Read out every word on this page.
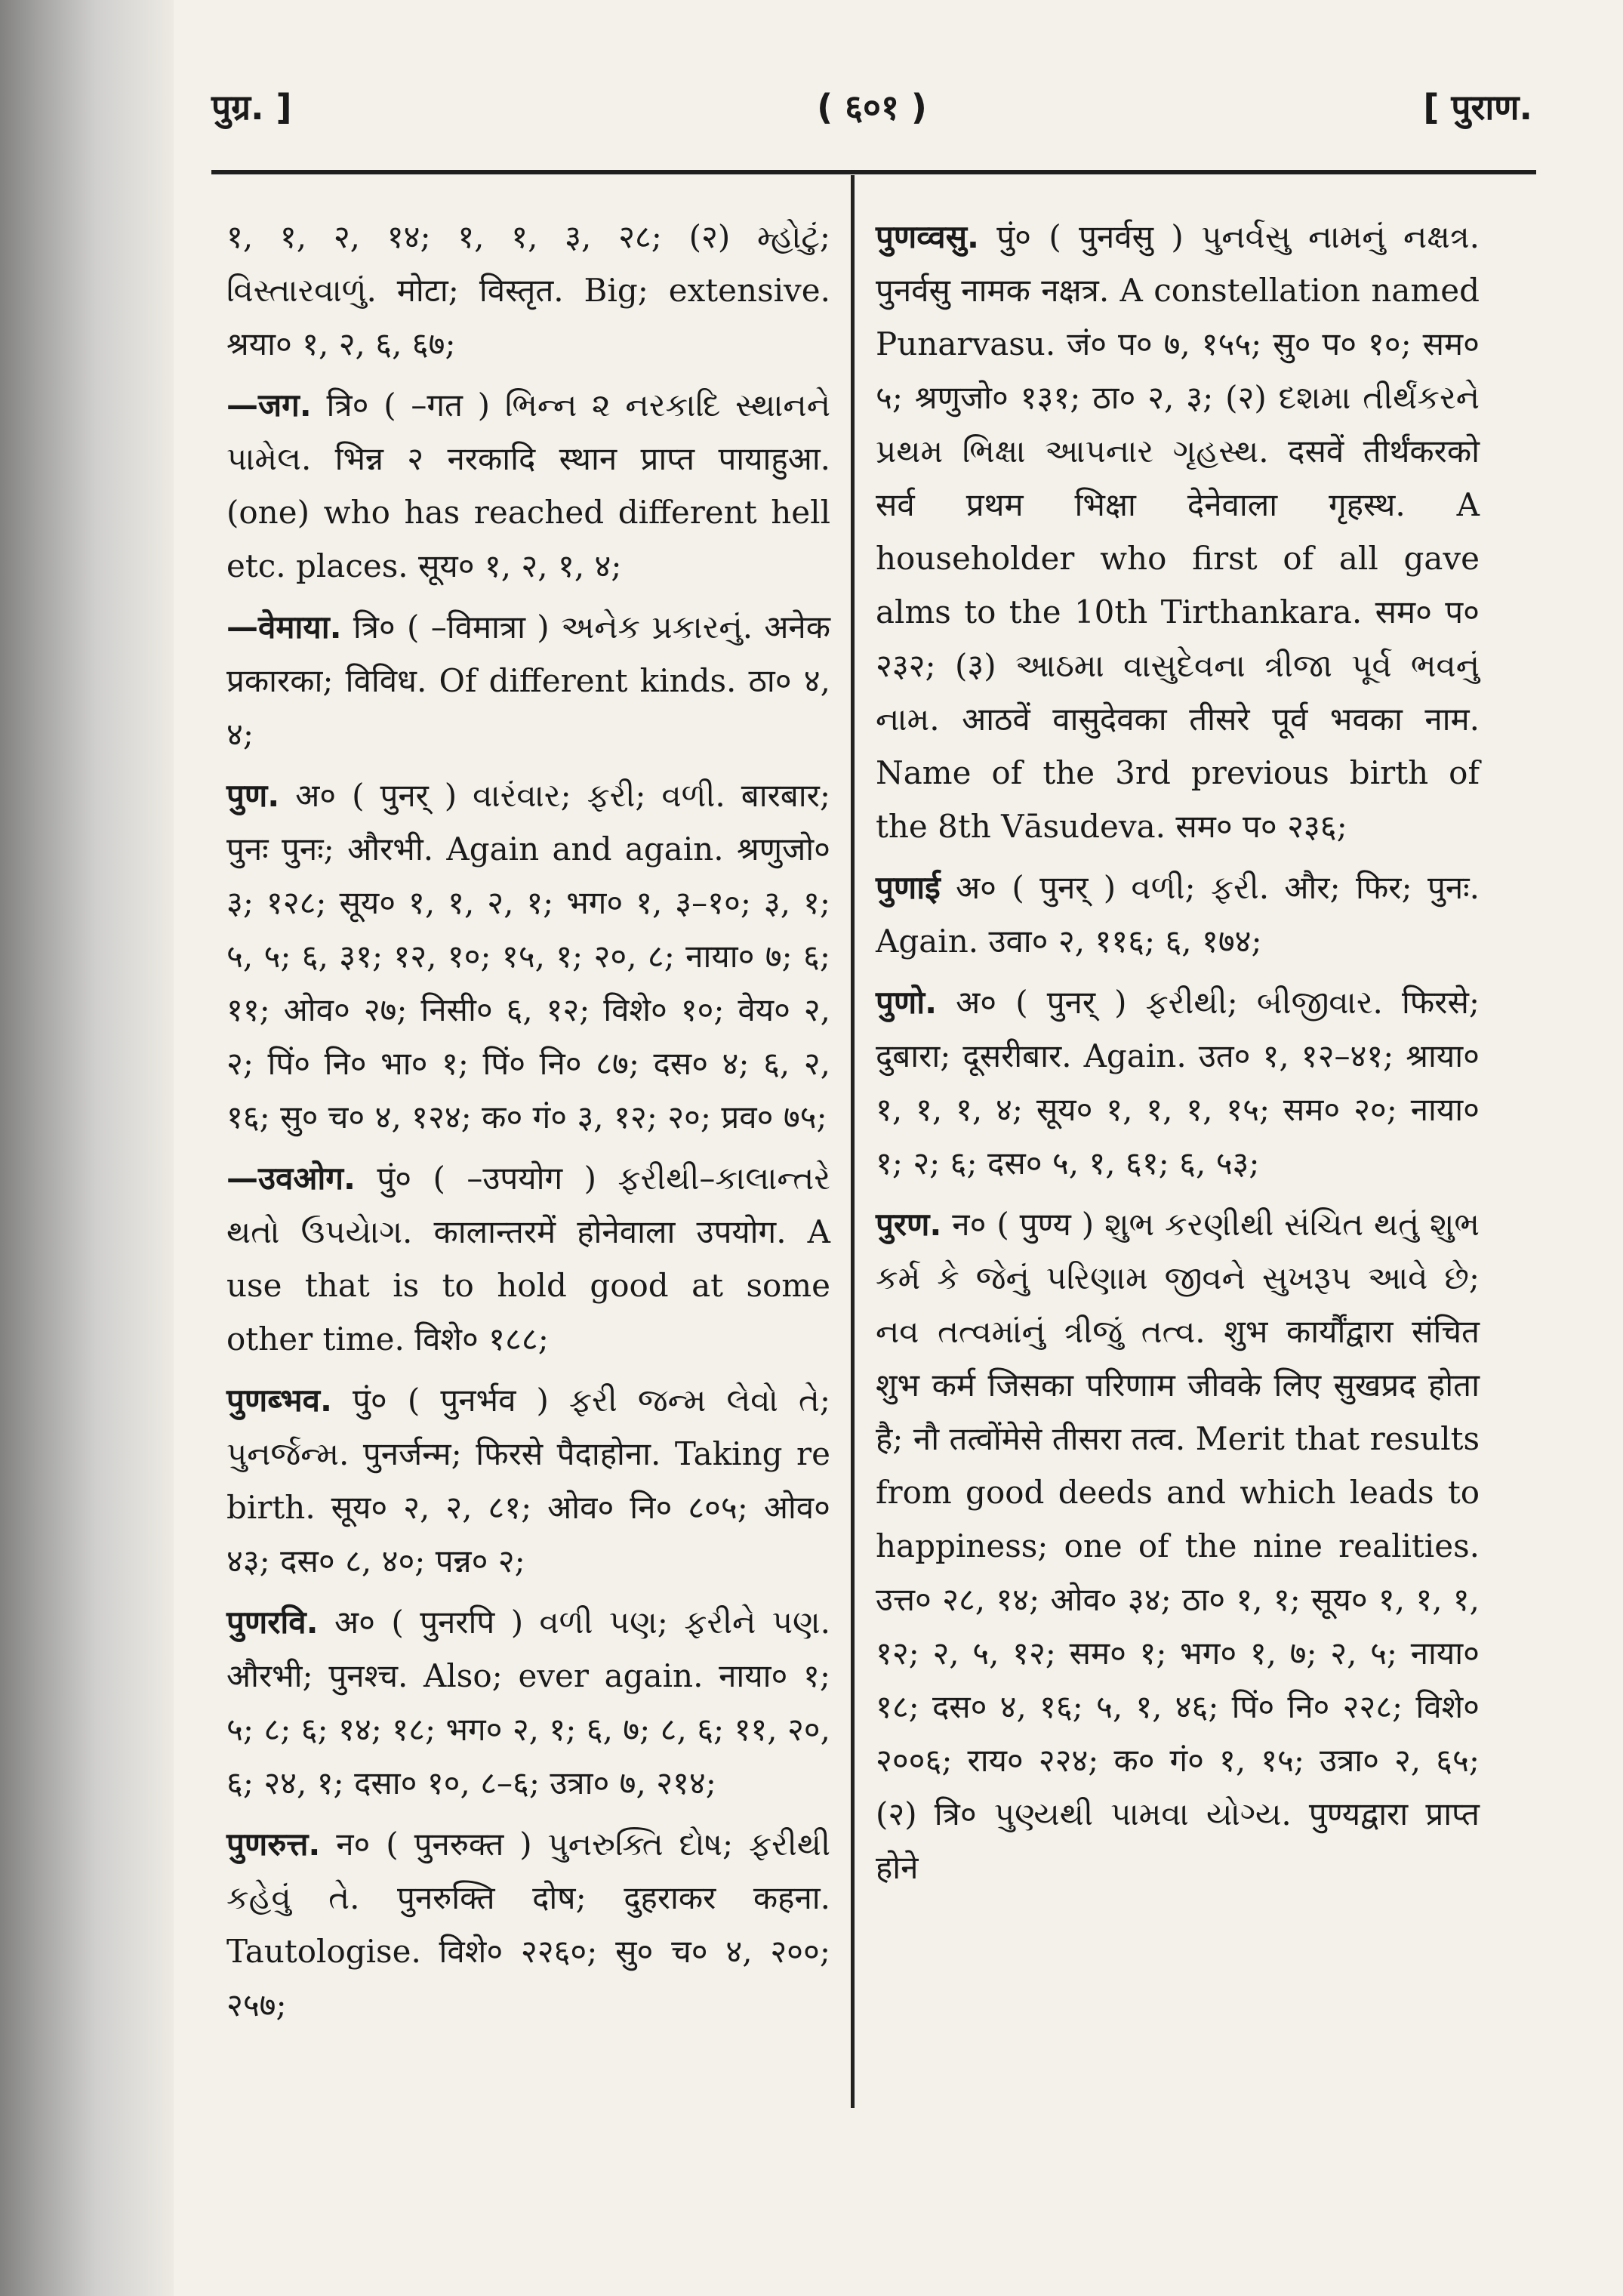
पुग्र. ]	( ६०१ )	[ पुराण.

१, १, २, १४; १, १, ३, २८; (२) મ્હોટું; વિસ્તારવાળું. मोटा; विस्तृत. Big; extensive. श्रया० १, २, ६, ६७;

—जग. त्रि० ( –गत ) ભિન્ન ૨ નરકાદિ સ્થાનને પામેલ. भिन्न २ नरकादि स्थान प्राप्त पायाहुआ. (one) who has reached different hell etc. places. सूय० १, २, १, ४;

—वेमाया. त्रि० ( –विमात्रा ) અનેક પ્રકારનું. अनेक प्रकारका; विविध. Of different kinds. ठा० ४, ४;

पुण. अ० ( पुनर् ) વારંવાર; ફરી; વળી. बारबार; पुनः पुनः; औरभी. Again and again. श्रणुजो० ३; १२८; सूय० १, १, २, १; भग० १, ३–१०; ३, १; ५, ५; ६, ३१; १२, १०; १५, १; २०, ८; नाया० ७; ६; ११; ओव० २७; निसी० ६, १२; विशे० १०; वेय० २, २; पिं० नि० भा० १; पिं० नि० ८७; दस० ४; ६, २, १६; सु० च० ४, १२४; क० गं० ३, १२; २०; प्रव० ७५;

—उवओग. पुं० ( –उपयोग ) ફરીથી–કાલાન્તરે થતો ઉપયેાગ. कालान्तरमें होनेवाला उपयोग. A use that is to hold good at some other time. विशे० १८८;

पुणब्भव. पुं० ( पुनर्भव ) ફરી જન્મ લેવો તે; પુનર્જન્મ. पुनर्जन्म; फिरसे पैदाहोना. Taking re birth. सूय० २, २, ८१; ओव० नि० ८०५; ओव० ४३; दस० ८, ४०; पन्न० २;

पुणरवि. अ० ( पुनरपि ) વળી પણ; ફરીને પણ. औरभी; पुनश्च. Also; ever again. नाया० १; ५; ८; ६; १४; १८; भग० २, १; ६, ७; ८, ६; ११, २०, ६; २४, १; दसा० १०, ८–६; उत्रा० ७, २१४;

पुणरुत्त. न० ( पुनरुक्त ) પુનરુક્તિ દોષ; ફરીથી કહેવું તે. पुनरुक्ति दोष; दुहराकर कहना. Tautologise. विशे० २२६०; सु० च० ४, २००; २५७;

पुणव्वसु. पुं० ( पुनर्वसु ) પુનર્વસુ નામનું નક્ષત્ર. पुनर्वसु नामक नक्षत्र. A constellation named Punarvasu. जं० प० ७, १५५; सु० प० १०; सम० ५; श्रणुजो० १३१; ठा० २, ३; (२) દશમા તીર્થંકરને પ્રથમ ભિક્ષા આપનાર ગૃહસ્થ. दसवें तीर्थंकरको सर्व प्रथम भिक्षा देनेवाला गृहस्थ. A householder who first of all gave alms to the 10th Tirthankara. सम० प० २३२; (३) આઠમા વાસુદેવના ત્રીજા પૂર્વ ભવનું નામ. आठवें वासुदेवका तीसरे पूर्व भवका नाम. Name of the 3rd previous birth of the 8th Vāsudeva. सम० प० २३६;

पुणाई अ० ( पुनर् ) વળી; ફરી. और; फिर; पुनः. Again. उवा० २, ११६; ६, १७४;

पुणो. अ० ( पुनर् ) ફરીથી; બીજીવાર. फिरसे; दुबारा; दूसरीबार. Again. उत० १, १२–४१; श्राया० १, १, १, ४; सूय० १, १, १, १५; सम० २०; नाया० १; २; ६; दस० ५, १, ६१; ६, ५३;

पुरण. न० ( पुण्य ) શુભ કરણીથી સંચિત થતું શુભ કર્મ કે જેનું પરિણામ જીવને સુખરૂપ આવે છે; નવ તત્વમાંનું ત્રીજું તત્વ. शुभ कार्यौंद्वारा संचित शुभ कर्म जिसका परिणाम जीवके लिए सुखप्रद होता है; नौ तत्वोंमेसे तीसरा तत्व. Merit that results from good deeds and which leads to happiness; one of the nine realities. उत्त० २८, १४; ओव० ३४; ठा० १, १; सूय० १, १, १, १२; २, ५, १२; सम० १; भग० १, ७; २, ५; नाया० १८; दस० ४, १६; ५, १, ४६; पिं० नि० २२८; विशे० २००६; राय० २२४; क० गं० १, १५; उत्रा० २, ६५; (२) त्रि० પુણ્યથી પામવા યોગ્ય. पुण्यद्वारा प्राप्त होने
